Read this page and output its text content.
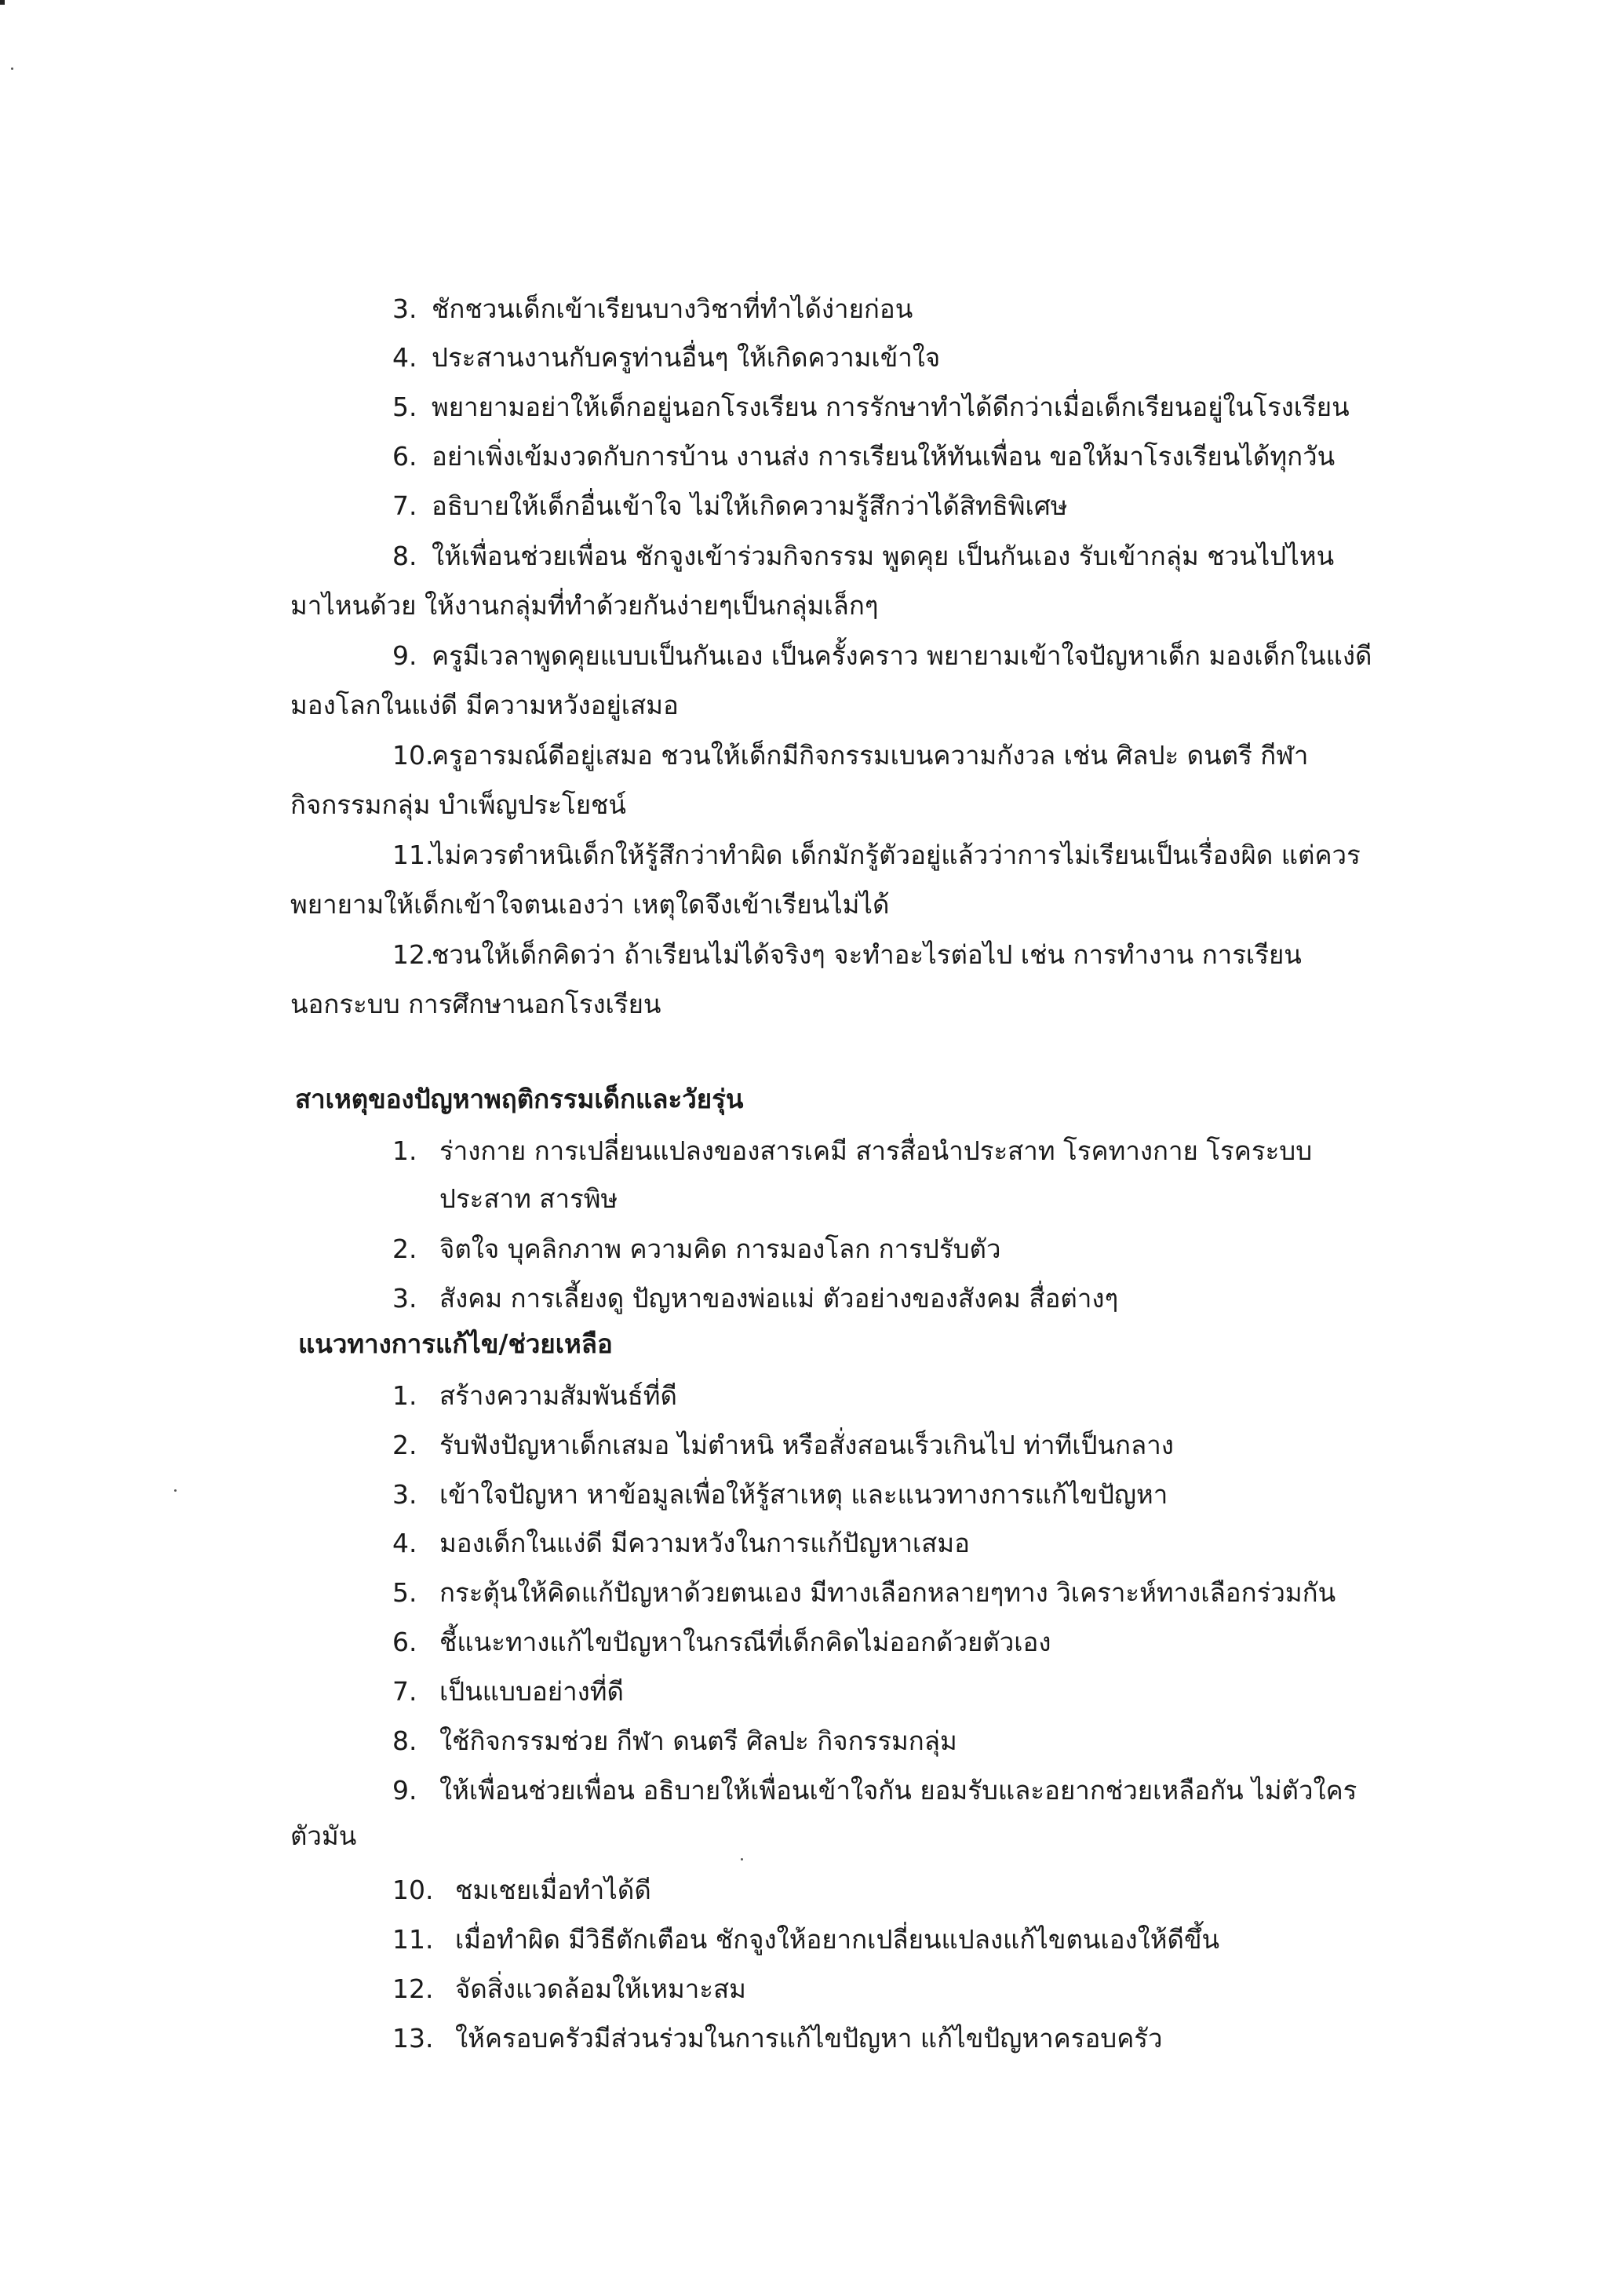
3. ชักชวนเด็กเข้าเรียนบางวิชาที่ทำได้ง่ายก่อน
4. ประสานงานกับครูท่านอื่นๆ ให้เกิดความเข้าใจ
5. พยายามอย่าให้เด็กอยู่นอกโรงเรียน การรักษาทำได้ดีกว่าเมื่อเด็กเรียนอยู่ในโรงเรียน
6. อย่าเพิ่งเข้มงวดกับการบ้าน งานส่ง การเรียนให้ทันเพื่อน ขอให้มาโรงเรียนได้ทุกวัน
7. อธิบายให้เด็กอื่นเข้าใจ ไม่ให้เกิดความรู้สึกว่าได้สิทธิพิเศษ
8. ให้เพื่อนช่วยเพื่อน ชักจูงเข้าร่วมกิจกรรม พูดคุย เป็นกันเอง รับเข้ากลุ่ม ชวนไปไหน
มาไหนด้วย ให้งานกลุ่มที่ทำด้วยกันง่ายๆเป็นกลุ่มเล็กๆ
9. ครูมีเวลาพูดคุยแบบเป็นกันเอง เป็นครั้งคราว พยายามเข้าใจปัญหาเด็ก มองเด็กในแง่ดี
มองโลกในแง่ดี มีความหวังอยู่เสมอ
10.ครูอารมณ์ดีอยู่เสมอ ชวนให้เด็กมีกิจกรรมเบนความกังวล เช่น ศิลปะ ดนตรี กีฬา
กิจกรรมกลุ่ม บำเพ็ญประโยชน์
11.ไม่ควรตำหนิเด็กให้รู้สึกว่าทำผิด เด็กมักรู้ตัวอยู่แล้วว่าการไม่เรียนเป็นเรื่องผิด แต่ควร
พยายามให้เด็กเข้าใจตนเองว่า เหตุใดจึงเข้าเรียนไม่ได้
12.ชวนให้เด็กคิดว่า ถ้าเรียนไม่ได้จริงๆ จะทำอะไรต่อไป เช่น การทำงาน การเรียน
นอกระบบ การศึกษานอกโรงเรียน
สาเหตุของปัญหาพฤติกรรมเด็กและวัยรุ่น
1. ร่างกาย การเปลี่ยนแปลงของสารเคมี สารสื่อนำประสาท โรคทางกาย โรคระบบ
ประสาท สารพิษ
2. จิตใจ บุคลิกภาพ ความคิด การมองโลก การปรับตัว
3. สังคม การเลี้ยงดู ปัญหาของพ่อแม่ ตัวอย่างของสังคม สื่อต่างๆ
แนวทางการแก้ไข/ช่วยเหลือ
1. สร้างความสัมพันธ์ที่ดี
2. รับฟังปัญหาเด็กเสมอ ไม่ตำหนิ หรือสั่งสอนเร็วเกินไป ท่าทีเป็นกลาง
3. เข้าใจปัญหา หาข้อมูลเพื่อให้รู้สาเหตุ และแนวทางการแก้ไขปัญหา
4. มองเด็กในแง่ดี มีความหวังในการแก้ปัญหาเสมอ
5. กระตุ้นให้คิดแก้ปัญหาด้วยตนเอง มีทางเลือกหลายๆทาง วิเคราะห์ทางเลือกร่วมกัน
6. ชี้แนะทางแก้ไขปัญหาในกรณีที่เด็กคิดไม่ออกด้วยตัวเอง
7. เป็นแบบอย่างที่ดี
8. ใช้กิจกรรมช่วย กีฬา ดนตรี ศิลปะ กิจกรรมกลุ่ม
9. ให้เพื่อนช่วยเพื่อน อธิบายให้เพื่อนเข้าใจกัน ยอมรับและอยากช่วยเหลือกัน ไม่ตัวใคร
ตัวมัน
10. ชมเชยเมื่อทำได้ดี
11. เมื่อทำผิด มีวิธีตักเตือน ชักจูงให้อยากเปลี่ยนแปลงแก้ไขตนเองให้ดีขึ้น
12. จัดสิ่งแวดล้อมให้เหมาะสม
13. ให้ครอบครัวมีส่วนร่วมในการแก้ไขปัญหา แก้ไขปัญหาครอบครัว
